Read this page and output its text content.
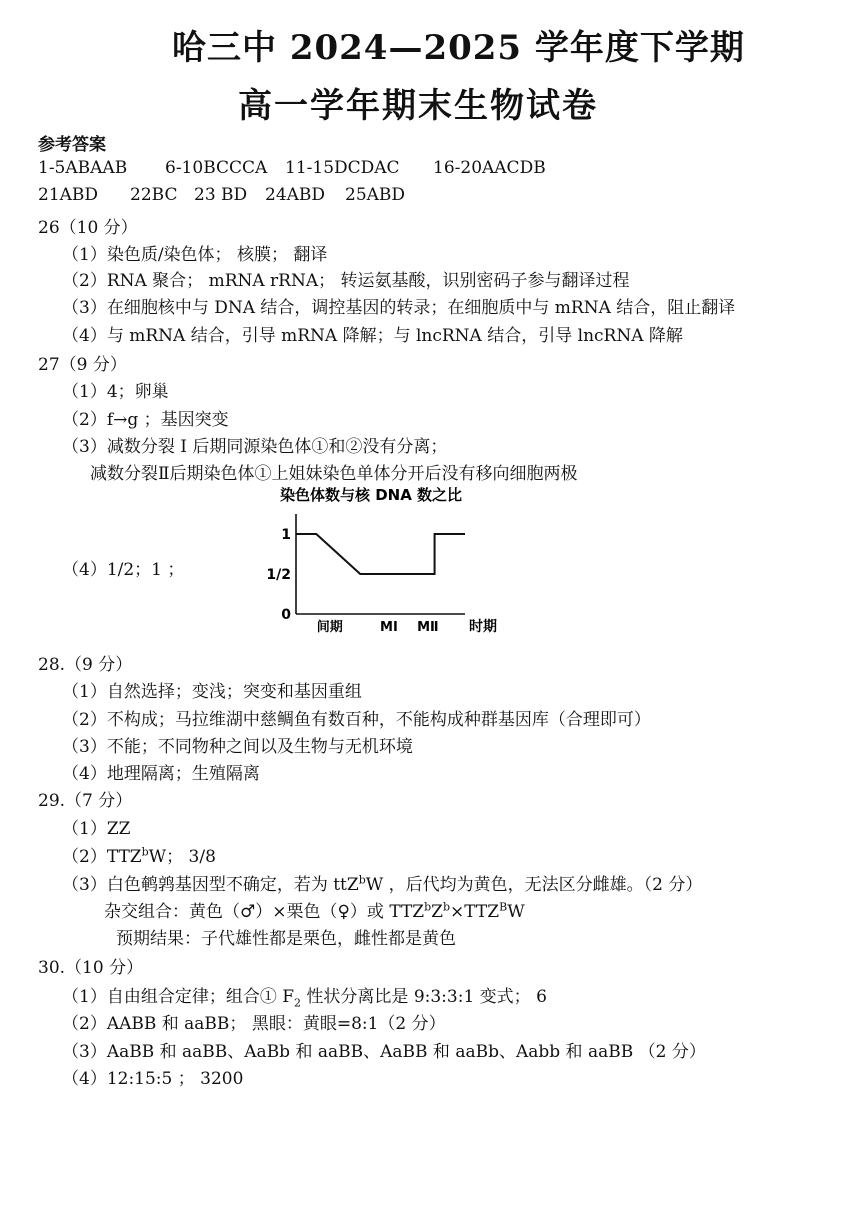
哈三中 2024—2025 学年度下学期
高一学年期末生物试卷
参考答案
1-5ABAAB 6-10BCCCA 11-15DCDAC 16-20AACDB
21ABD 22BC 23 BD 24ABD 25ABD
26（10 分）
（1）染色质/染色体； 核膜； 翻译
（2）RNA 聚合； mRNA rRNA； 转运氨基酸，识别密码子参与翻译过程
（3）在细胞核中与 DNA 结合，调控基因的转录；在细胞质中与 mRNA 结合，阻止翻译
（4）与 mRNA 结合，引导 mRNA 降解；与 lncRNA 结合，引导 lncRNA 降解
27（9 分）
（1）4；卵巢
（2）f→g ；基因突变
（3）减数分裂 I 后期同源染色体①和②没有分离；
减数分裂Ⅱ后期染色体①上姐妹染色单体分开后没有移向细胞两极
（4）1/2；1 ；
染色体数与核 DNA 数之比
0
1/2
1
间期	MⅠ MⅡ 时期
28.（9 分）
（1）自然选择；变浅；突变和基因重组
（2）不构成；马拉维湖中慈鲷鱼有数百种，不能构成种群基因库（合理即可）
（3）不能；不同物种之间以及生物与无机环境
（4）地理隔离；生殖隔离
29.（7 分）
（1）ZZ
（2）TTZ$^b$W； 3/8
（3）白色鹌鹑基因型不确定，若为 ttZ$^b$W ，后代均为黄色，无法区分雌雄。（2 分）
杂交组合：黄色（♂）×栗色（♀）或 $TTZ^bZ^b\times TTZ^BW$
预期结果：子代雄性都是栗色，雌性都是黄色
30.（10 分）
（1）自由组合定律；组合① $F_2$ 性状分离比是 9:3:3:1 变式； 6
（2）AABB 和 aaBB； 黑眼：黄眼=8:1（2 分）
（3）AaBB 和 aaBB、AaBb 和 aaBB、AaBB 和 aaBb、Aabb 和 aaBB （2 分）
（4）12:15:5 ； 3200
